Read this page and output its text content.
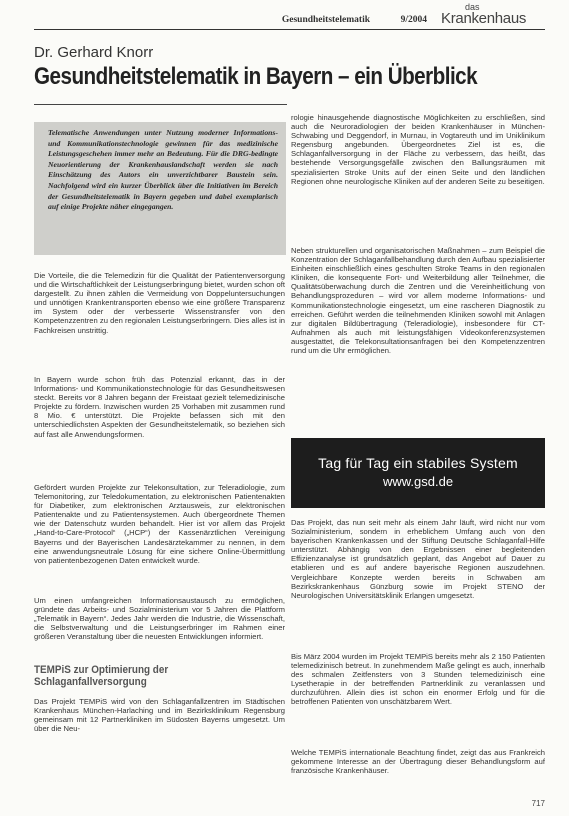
Gesundheitstelematik	9/2004
das
Krankenhaus
Dr. Gerhard Knorr
Gesundheitstelematik in Bayern – ein Überblick

Telematische Anwendungen unter Nutzung moderner Informations- und Kommunikationstechnologie gewinnen für das medizinische Leistungsgeschehen immer mehr an Bedeutung. Für die DRG-bedingte Neuorientierung der Krankenhauslandschaft werden sie nach Einschätzung des Autors ein unverzichtbarer Baustein sein. Nachfolgend wird ein kurzer Überblick über die Initiativen im Bereich der Gesundheitstelematik in Bayern gegeben und dabei exemplarisch auf einige Projekte näher eingegangen.

Die Vorteile, die die Telemedizin für die Qualität der Patientenversorgung und die Wirtschaftlichkeit der Leistungserbringung bietet, wurden schon oft dargestellt. Zu ihnen zählen die Vermeidung von Doppeluntersuchungen und unnötigen Krankentransporten ebenso wie eine größere Transparenz im System oder der verbesserte Wissenstransfer von den Kompetenzzentren zu den regionalen Leistungserbringern. Dies alles ist in Fachkreisen unstrittig.

In Bayern wurde schon früh das Potenzial erkannt, das in der Informations- und Kommunikationstechnologie für das Gesundheitswesen steckt. Bereits vor 8 Jahren begann der Freistaat gezielt telemedizinische Projekte zu fördern. Inzwischen wurden 25 Vorhaben mit zusammen rund 8 Mio. € unterstützt. Die Projekte befassen sich mit den unterschiedlichsten Aspekten der Gesundheitstelematik, so beziehen sich auf fast alle Anwendungsformen.

Gefördert wurden Projekte zur Telekonsultation, zur Teleradiologie, zum Telemonitoring, zur Teledokumentation, zu elektronischen Patientenakten für Diabetiker, zum elektronischen Arztausweis, zur elektronischen Patientenakte und zu Patientensystemen. Auch übergeordnete Themen wie der Datenschutz wurden behandelt. Hier ist vor allem das Projekt „Hand-to-Care-Protocol“ („HCP“) der Kassenärztlichen Vereinigung Bayerns und der Bayerischen Landesärztekammer zu nennen, in dem eine anwendungsneutrale Lösung für eine sichere Online-Übermittlung von patientenbezogenen Daten entwickelt wurde.

Um einen umfangreichen Informationsaustausch zu ermöglichen, gründete das Arbeits- und Sozialministerium vor 5 Jahren die Plattform „Telematik in Bayern“. Jedes Jahr werden die Industrie, die Wissenschaft, die Selbstverwaltung und die Leistungserbringer im Rahmen einer größeren Veranstaltung über die neuesten Entwicklungen informiert.

TEMPiS zur Optimierung der Schlaganfallversorgung

Das Projekt TEMPiS wird von den Schlaganfallzentren im Städtischen Krankenhaus München-Harlaching und im Bezirksklinikum Regensburg gemeinsam mit 12 Partnerkliniken im Südosten Bayerns umgesetzt. Um über die Neu-

rologie hinausgehende diagnostische Möglichkeiten zu erschließen, sind auch die Neuroradiologien der beiden Krankenhäuser in München-Schwabing und Deggendorf, in Murnau, in Vogtareuth und im Uniklinikum Regensburg angebunden. Übergeordnetes Ziel ist es, die Schlaganfallversorgung in der Fläche zu verbessern, das heißt, das bestehende Versorgungsgefälle zwischen den Ballungsräumen mit spezialisierten Stroke Units auf der einen Seite und den ländlichen Regionen ohne neurologische Kliniken auf der anderen Seite zu beseitigen.

Neben strukturellen und organisatorischen Maßnahmen – zum Beispiel die Konzentration der Schlaganfallbehandlung durch den Aufbau spezialisierter Einheiten einschließlich eines geschulten Stroke Teams in den regionalen Kliniken, die konsequente Fort- und Weiterbildung aller Teilnehmer, die Qualitätsüberwachung durch die Zentren und die Vereinheitlichung von Behandlungsprozeduren – wird vor allem moderne Informations- und Kommunikationstechnologie eingesetzt, um eine rascheren Diagnostik zu erreichen. Geführt werden die teilnehmenden Kliniken sowohl mit Anlagen zur digitalen Bildübertragung (Teleradiologie), insbesondere für CT-Aufnahmen als auch mit leistungsfähigen Videokonferenzsystemen ausgestattet, die Telekonsultationsanfragen bei den Kompetenzzentren rund um die Uhr ermöglichen.

Tag für Tag ein stabiles System
www.gsd.de

Das Projekt, das nun seit mehr als einem Jahr läuft, wird nicht nur vom Sozialministerium, sondern in erheblichem Umfang auch von den bayerischen Krankenkassen und der Stiftung Deutsche Schlaganfall-Hilfe unterstützt. Abhängig von den Ergebnissen einer begleitenden Effizienzanalyse ist grundsätzlich geplant, das Angebot auf Dauer zu etablieren und es auf andere bayerische Regionen auszudehnen. Vergleichbare Konzepte werden bereits in Schwaben am Bezirkskrankenhaus Günzburg sowie im Projekt STENO der Neurologischen Universitätsklinik Erlangen umgesetzt.

Bis März 2004 wurden im Projekt TEMPiS bereits mehr als 2 150 Patienten telemedizinisch betreut. In zunehmendem Maße gelingt es auch, innerhalb des schmalen Zeitfensters von 3 Stunden telemedizinisch eine Lysetherapie in der betreffenden Partnerklinik zu veranlassen und durchzuführen. Allein dies ist schon ein enormer Erfolg und für die betroffenen Patienten von unschätzbarem Wert.

Welche TEMPiS internationale Beachtung findet, zeigt das aus Frankreich gekommene Interesse an der Übertragung dieser Behandlungsform auf französische Krankenhäuser.

717
